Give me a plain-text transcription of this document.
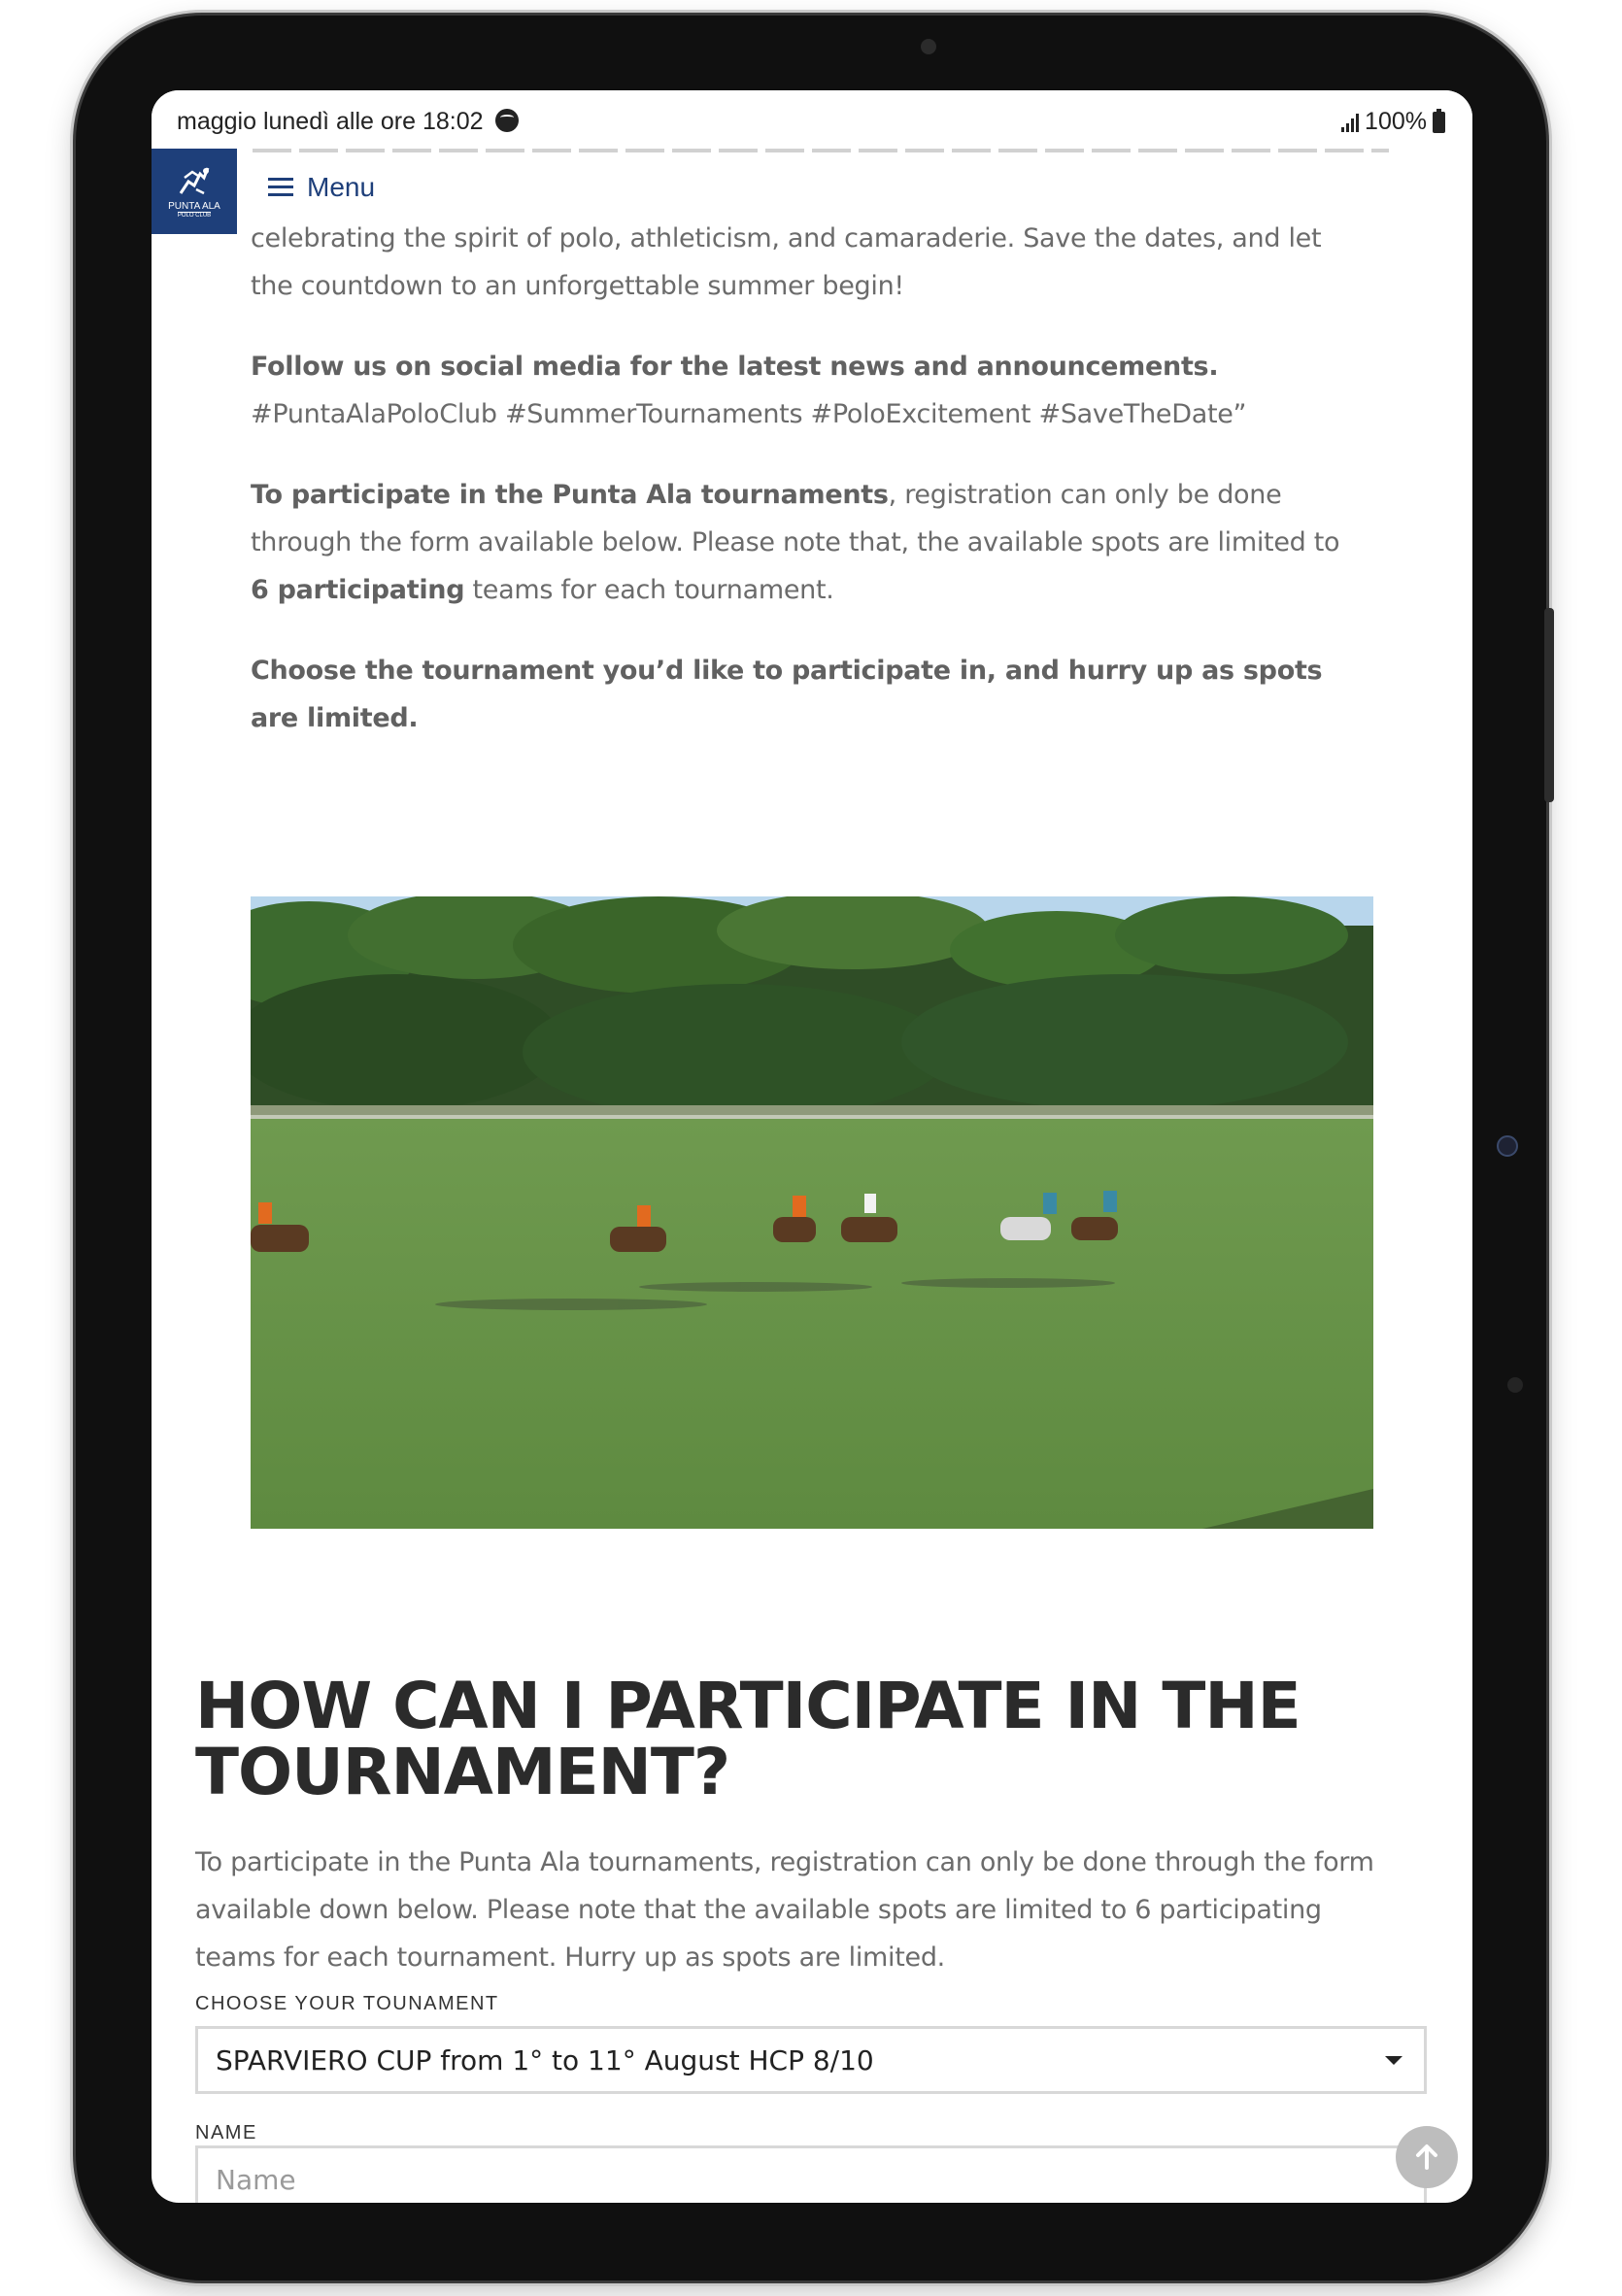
maggio lunedì alle ore 18:02	100%
PUNTA ALA
POLO CLUB
Menu

celebrating the spirit of polo, athleticism, and camaraderie. Save the dates, and let the countdown to an unforgettable summer begin!

Follow us on social media for the latest news and announcements.
#PuntaAlaPoloClub #SummerTournaments #PoloExcitement #SaveTheDate”

To participate in the Punta Ala tournaments, registration can only be done through the form available below. Please note that, the available spots are limited to 6 participating teams for each tournament.

Choose the tournament you’d like to participate in, and hurry up as spots are limited.

HOW CAN I PARTICIPATE IN THE TOURNAMENT?

To participate in the Punta Ala tournaments, registration can only be done through the form available down below. Please note that the available spots are limited to 6 participating teams for each tournament. Hurry up as spots are limited.

CHOOSE YOUR TOUNAMENT
SPARVIERO CUP from 1° to 11° August HCP 8/10
NAME
Name
